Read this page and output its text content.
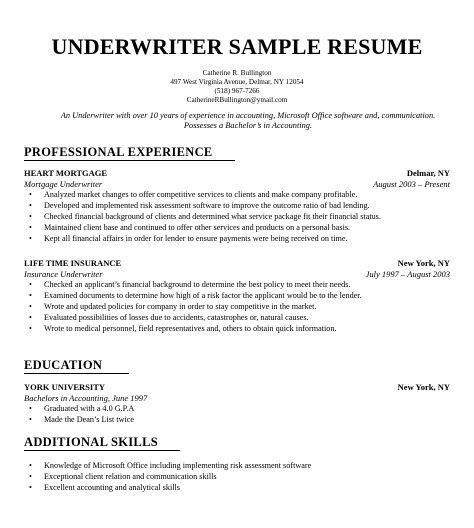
UNDERWRITER SAMPLE RESUME
Catherine R. Bullington
497 West Virginia Avenue, Delmar, NY 12054
(518) 967-7266
CatherineRBullington@ymail.com
An Underwriter with over 10 years of experience in accounting, Microsoft Office software and, communication. Possesses a Bachelor’s in Accounting.
PROFESSIONAL EXPERIENCE
HEART MORTGAGE	Delmar, NY
Mortgage Underwriter	August 2003 – Present
• Analyzed market changes to offer competitive services to clients and make company profitable.
• Developed and implemented risk assessment software to improve the outcome ratio of bad lending.
• Checked financial background of clients and determined what service package fit their financial status.
• Maintained client base and continued to offer other services and products on a personal basis.
• Kept all financial affairs in order for lender to ensure payments were being received on time.
LIFE TIME INSURANCE	New York, NY
Insurance Underwriter	July 1997 – August 2003
• Checked an applicant’s financial background to determine the best policy to meet their needs.
• Examined documents to determine how high of a risk factor the applicant would be to the lender.
• Wrote and updated policies for company in order to stay competitive in the market.
• Evaluated possibilities of losses due to accidents, catastrophes or, natural causes.
• Wrote to medical personnel, field representatives and, others to obtain quick information.
EDUCATION
YORK UNIVERSITY	New York, NY
Bachelors in Accounting, June 1997
• Graduated with a 4.0 G.P.A
• Made the Dean’s List twice
ADDITIONAL SKILLS
• Knowledge of Microsoft Office including implementing risk assessment software
• Exceptional client relation and communication skills
• Excellent accounting and analytical skills
